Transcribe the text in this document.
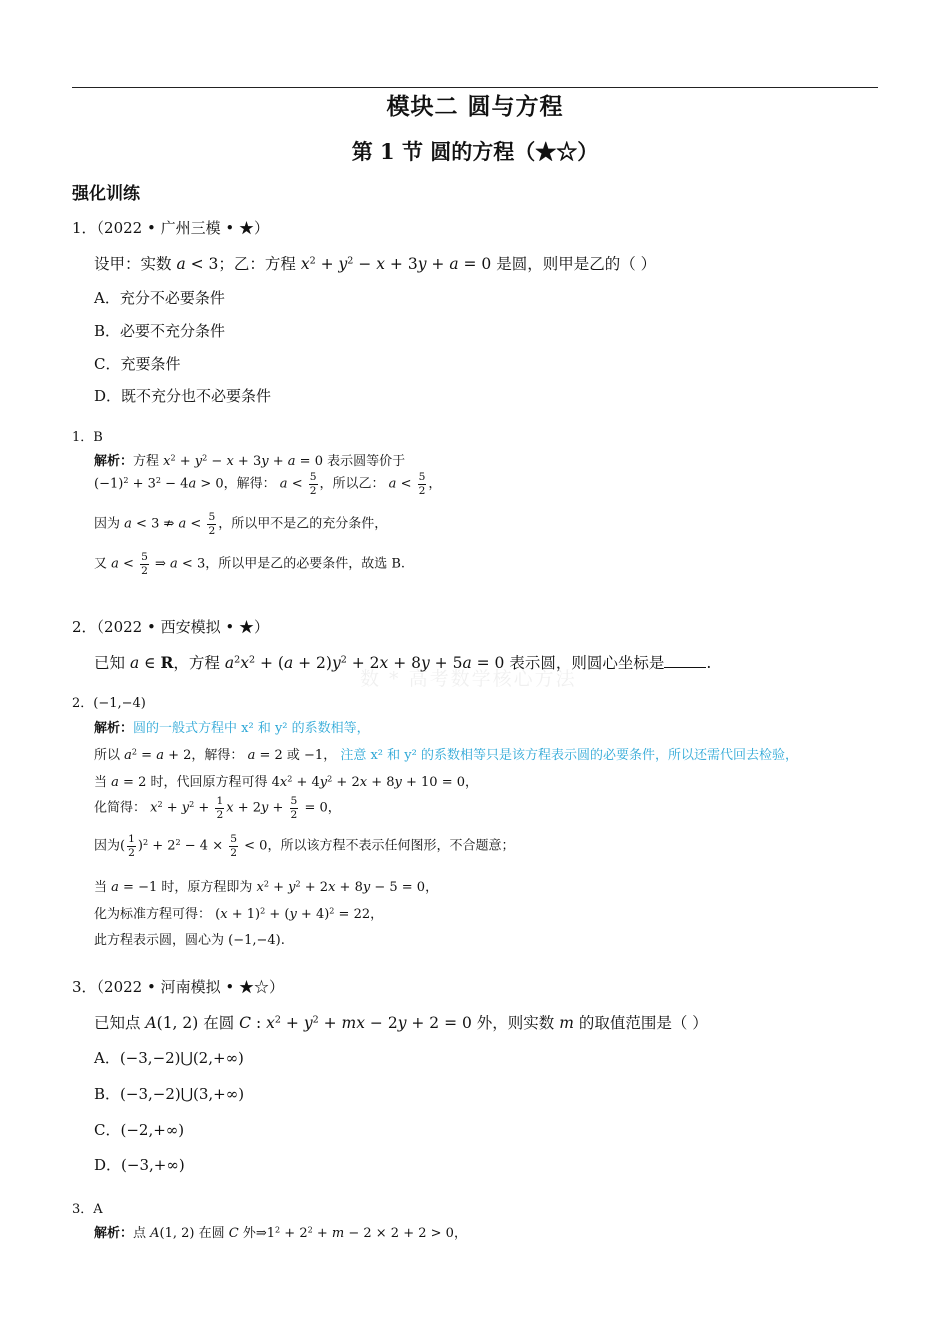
模块二 圆与方程
第 1 节 圆的方程（★☆）
强化训练
数 * 高考数学核心方法
1．（2022 • 广州三模 • ★）
设甲：实数 a < 3；乙：方程 $x^2 + y^2 - x + 3y + a = 0$ 是圆，则甲是乙的（ ）
A．充分不必要条件
B．必要不充分条件
C．充要条件
D．既不充分也不必要条件
1．B
解析：方程 $x^2 + y^2 - x + 3y + a = 0$ 表示圆等价于
$(-1)^2 + 3^2 - 4a > 0$，解得： $a < \frac{5}{2}$ ，所以乙： $a < \frac{5}{2}$ ，
因为 a < 3 ⇏ $a < \frac{5}{2}$ ，所以甲不是乙的充分条件，
又 $a < \frac{5}{2}$ ⇒ a < 3，所以甲是乙的必要条件，故选 B.
2．（2022 • 西安模拟 • ★）
已知 a ∈ R，方程 $a^2x^2 + (a + 2)y^2 + 2x + 8y + 5a = 0$ 表示圆，则圆心坐标是	.
2．(−1,−4)
解析：圆的一般式方程中 x² 和 y² 的系数相等，
所以 $a^2 = a + 2$，解得： a = 2 或 −1， 注意 x² 和 y² 的系数相等只是该方程表示圆的必要条件，所以还需代回去检验，
当 a = 2 时，代回原方程可得 $4x^2 + 4y^2 + 2x + 8y + 10 = 0$，
化简得： $x^2 + y^2 + \frac{1}{2}$ $x + 2y + \frac{5}{2} = 0$，
因为( $\frac{1}{2} )^2 + 2^2 - 4 \times \frac{5}{2} < 0$，所以该方程不表示任何图形，不合题意；
当 a = −1 时，原方程即为 $x^2 + y^2 + 2x + 8y - 5 = 0$，
化为标准方程可得： $(x + 1)^2 + (y + 4)^2 = 22$，
此方程表示圆，圆心为 (−1,−4).
3．（2022 • 河南模拟 • ★☆）
已知点 A(1, 2) 在圆 C : $x^2 + y^2$ + mx − 2y + 2 = 0 外，则实数 m 的取值范围是（ ）
A．(−3,−2)⋃(2,+∞)
B．(−3,−2)⋃(3,+∞)
C．(−2,+∞)
D．(−3,+∞)
3．A
解析：点 A(1, 2) 在圆 C 外$\Rightarrow 1^2 + 2^2 + m - 2 \times 2 + 2 > 0$，
